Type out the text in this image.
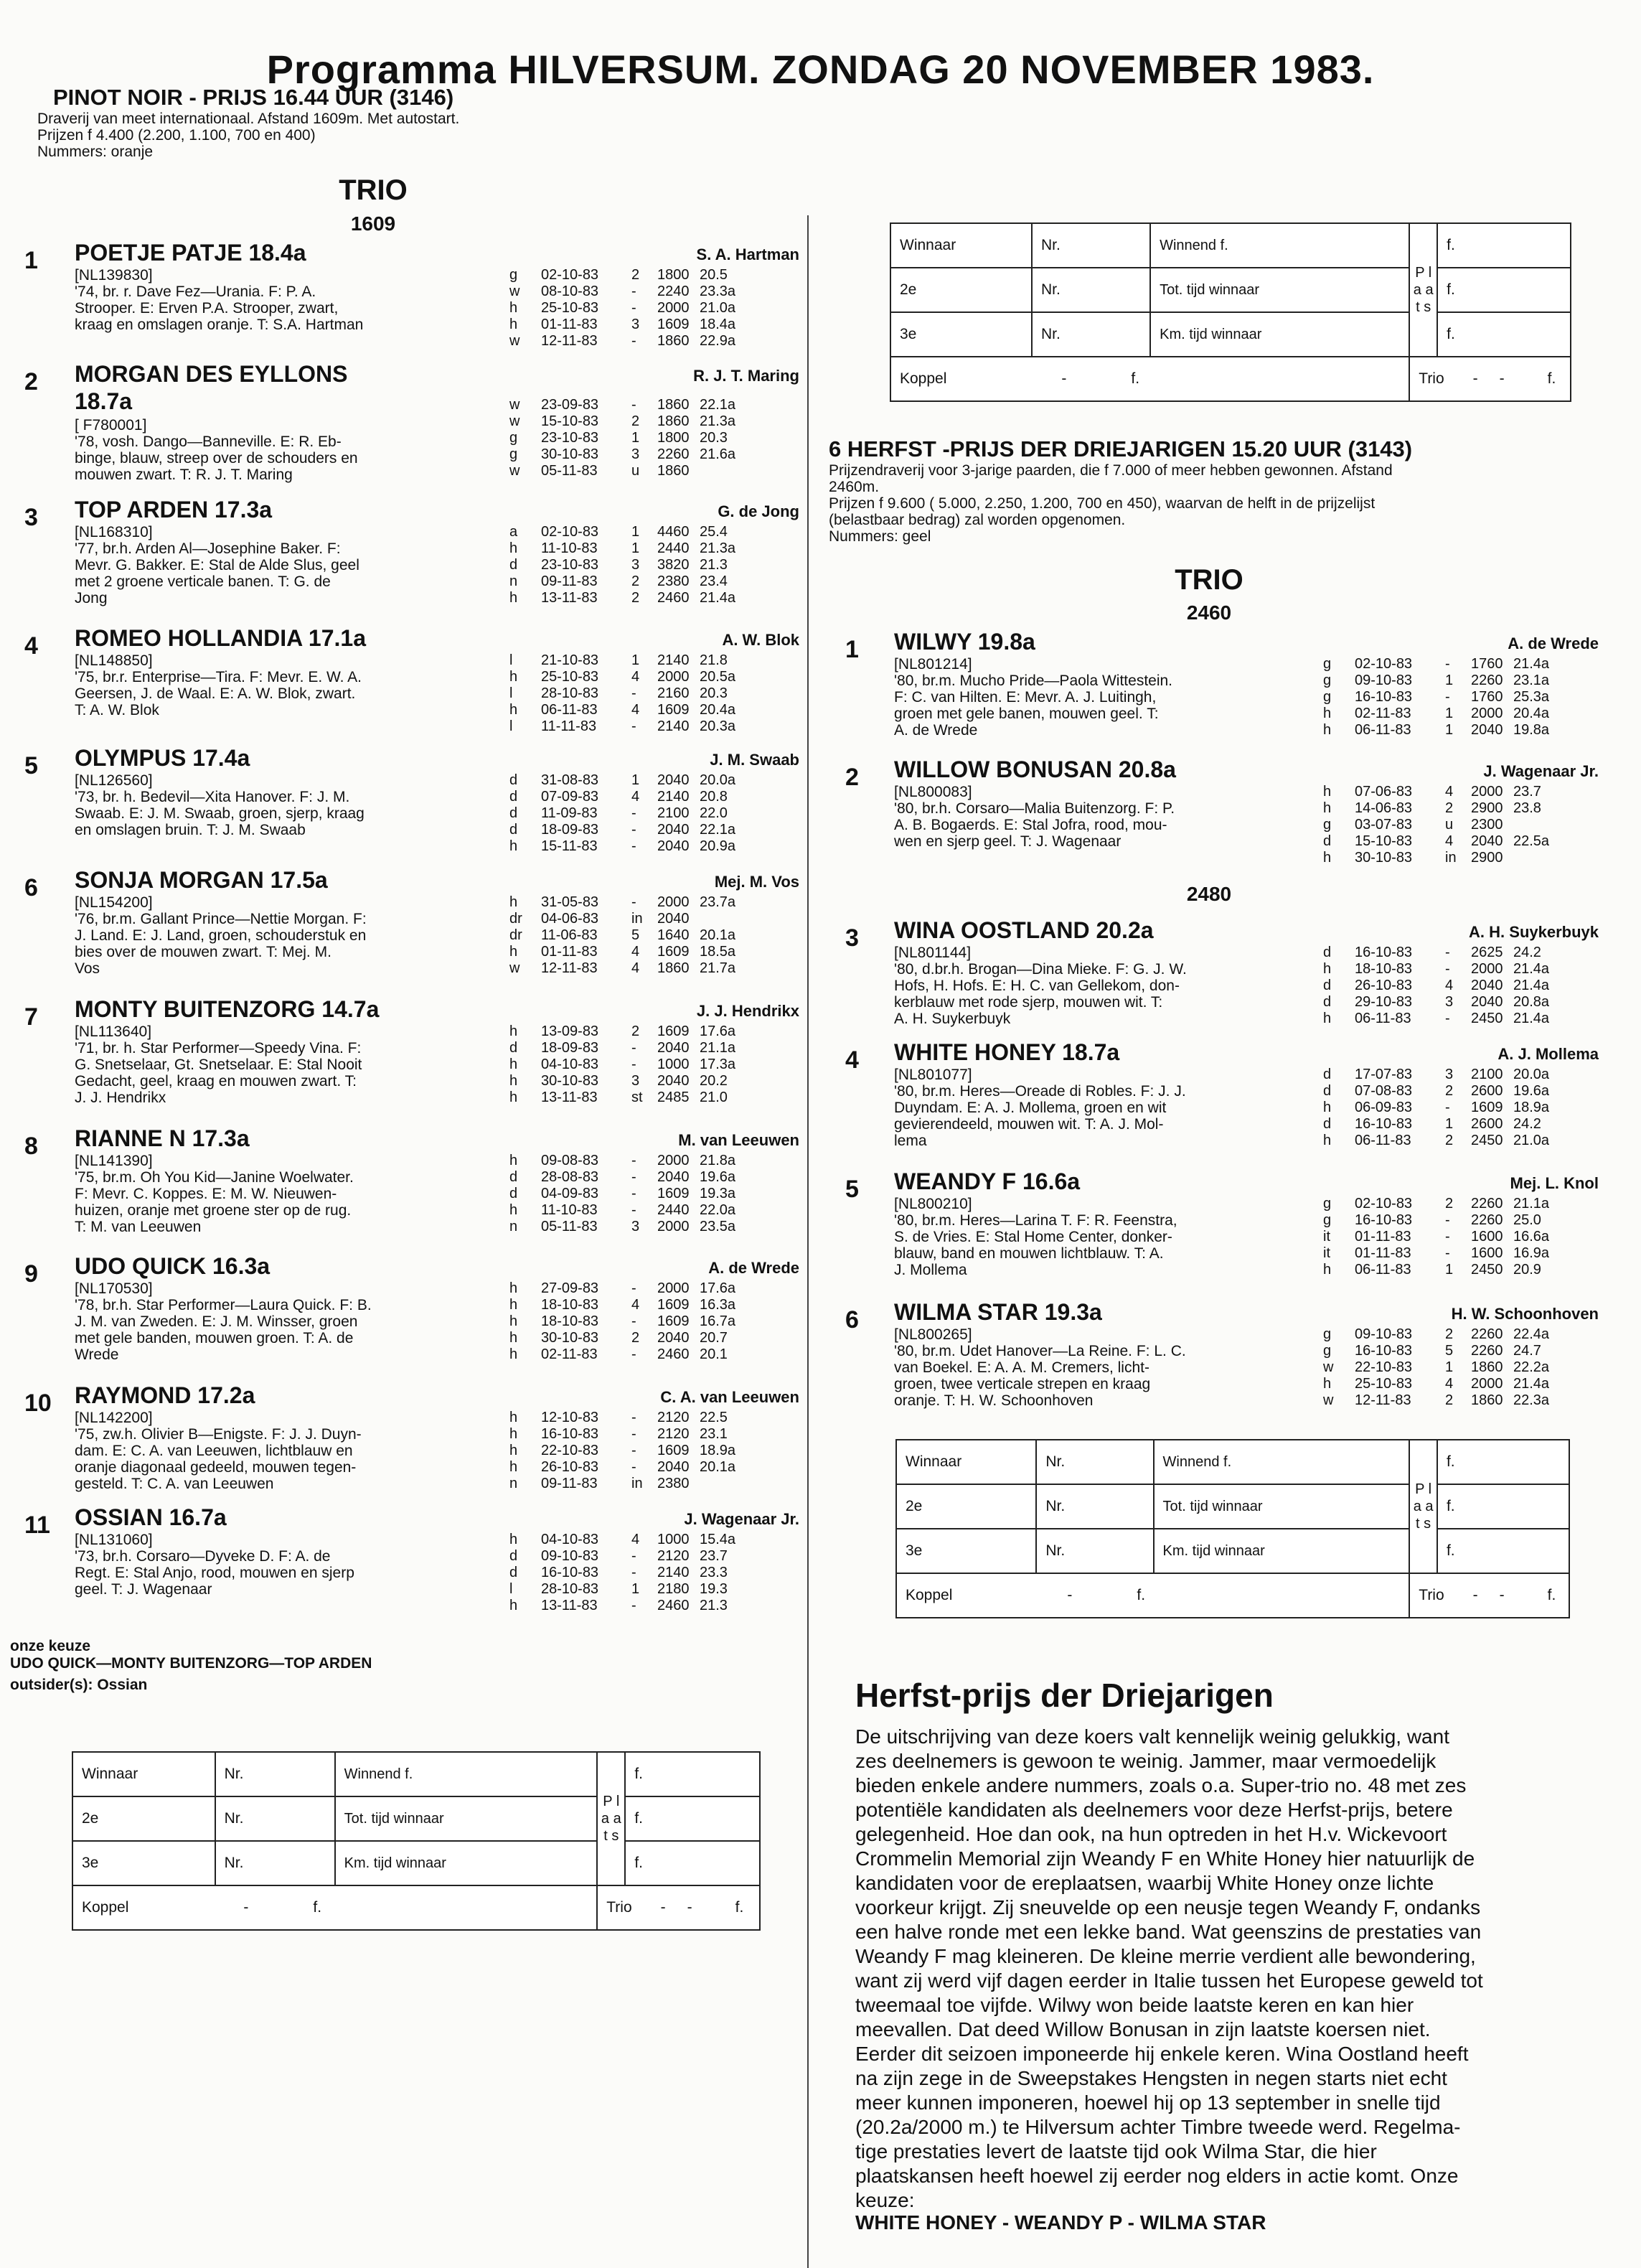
Programma HILVERSUM. ZONDAG 20 NOVEMBER 1983.
PINOT NOIR - PRIJS 16.44 UUR (3146)
Draverij van meet internationaal. Afstand 1609m. Met autostart.
Prijzen f 4.400 (2.200, 1.100, 700 en 400)
Nummers: oranje
TRIO
1609
1 POETJE PATJE 18.4a
[NL139830]
'74, br. r. Dave Fez—Urania. F: P. A.
Strooper. E: Erven P.A. Strooper, zwart,
kraag en omslagen oranje. T: S.A. Hartman
S. A. Hartman
g 02-10-83 2 1800 20.5
w 08-10-83 - 2240 23.3a
h 25-10-83 - 2000 21.0a
h 01-11-83 3 1609 18.4a
w 12-11-83 - 1860 22.9a
2 MORGAN DES EYLLONS
18.7a
[ F780001]
'78, vosh. Dango—Banneville. E: R. Eb-
binge, blauw, streep over de schouders en
mouwen zwart. T: R. J. T. Maring
R. J. T. Maring
w 23-09-83 - 1860 22.1a
w 15-10-83 2 1860 21.3a
g 23-10-83 1 1800 20.3
g 30-10-83 3 2260 21.6a
w 05-11-83 u 1860
3 TOP ARDEN 17.3a
[NL168310]
'77, br.h. Arden Al—Josephine Baker. F:
Mevr. G. Bakker. E: Stal de Alde Slus, geel
met 2 groene verticale banen. T: G. de
Jong
G. de Jong
a 02-10-83 1 4460 25.4
h 11-10-83 1 2440 21.3a
d 23-10-83 3 3820 21.3
n 09-11-83 2 2380 23.4
h 13-11-83 2 2460 21.4a
4 ROMEO HOLLANDIA 17.1a
[NL148850]
'75, br.r. Enterprise—Tira. F: Mevr. E. W. A.
Geersen, J. de Waal. E: A. W. Blok, zwart.
T: A. W. Blok
A. W. Blok
l 21-10-83 1 2140 21.8
h 25-10-83 4 2000 20.5a
l 28-10-83 - 2160 20.3
h 06-11-83 4 1609 20.4a
l 11-11-83 - 2140 20.3a
5 OLYMPUS 17.4a
[NL126560]
'73, br. h. Bedevil—Xita Hanover. F: J. M.
Swaab. E: J. M. Swaab, groen, sjerp, kraag
en omslagen bruin. T: J. M. Swaab
J. M. Swaab
d 31-08-83 1 2040 20.0a
d 07-09-83 4 2140 20.8
d 11-09-83 - 2100 22.0
d 18-09-83 - 2040 22.1a
h 15-11-83 - 2040 20.9a
6 SONJA MORGAN 17.5a
[NL154200]
'76, br.m. Gallant Prince—Nettie Morgan. F:
J. Land. E: J. Land, groen, schouderstuk en
bies over de mouwen zwart. T: Mej. M.
Vos
Mej. M. Vos
h 31-05-83 - 2000 23.7a
dr 04-06-83 in 2040
dr 11-06-83 5 1640 20.1a
h 01-11-83 4 1609 18.5a
w 12-11-83 4 1860 21.7a
7 MONTY BUITENZORG 14.7a
[NL113640]
'71, br. h. Star Performer—Speedy Vina. F:
G. Snetselaar, Gt. Snetselaar. E: Stal Nooit
Gedacht, geel, kraag en mouwen zwart. T:
J. J. Hendrikx
J. J. Hendrikx
h 13-09-83 2 1609 17.6a
d 18-09-83 - 2040 21.1a
h 04-10-83 - 1000 17.3a
h 30-10-83 3 2040 20.2
h 13-11-83 st 2485 21.0
8 RIANNE N 17.3a
[NL141390]
'75, br.m. Oh You Kid—Janine Woelwater.
F: Mevr. C. Koppes. E: M. W. Nieuwen-
huizen, oranje met groene ster op de rug.
T: M. van Leeuwen
M. van Leeuwen
h 09-08-83 - 2000 21.8a
d 28-08-83 - 2040 19.6a
d 04-09-83 - 1609 19.3a
h 11-10-83 - 2440 22.0a
n 05-11-83 3 2000 23.5a
9 UDO QUICK 16.3a
[NL170530]
'78, br.h. Star Performer—Laura Quick. F: B.
J. M. van Zweden. E: J. M. Winsser, groen
met gele banden, mouwen groen. T: A. de
Wrede
A. de Wrede
h 27-09-83 - 2000 17.6a
h 18-10-83 4 1609 16.3a
h 18-10-83 - 1609 16.7a
h 30-10-83 2 2040 20.7
h 02-11-83 - 2460 20.1
10 RAYMOND 17.2a
[NL142200]
'75, zw.h. Olivier B—Enigste. F: J. J. Duyn-
dam. E: C. A. van Leeuwen, lichtblauw en
oranje diagonaal gedeeld, mouwen tegen-
gesteld. T: C. A. van Leeuwen
C. A. van Leeuwen
h 12-10-83 - 2120 22.5
h 16-10-83 - 2120 23.1
h 22-10-83 - 1609 18.9a
h 26-10-83 - 2040 20.1a
n 09-11-83 in 2380
11 OSSIAN 16.7a
[NL131060]
'73, br.h. Corsaro—Dyveke D. F: A. de
Regt. E: Stal Anjo, rood, mouwen en sjerp
geel. T: J. Wagenaar
J. Wagenaar Jr.
h 04-10-83 4 1000 15.4a
d 09-10-83 - 2120 23.7
d 16-10-83 - 2140 23.3
l 28-10-83 1 2180 19.3
h 13-11-83 - 2460 21.3
onze keuze
UDO QUICK—MONTY BUITENZORG—TOP ARDEN
outsider(s): Ossian
6 HERFST -PRIJS DER DRIEJARIGEN 15.20 UUR (3143)
Prijzendraverij voor 3-jarige paarden, die f 7.000 of meer hebben gewonnen. Afstand
2460m.
Prijzen f 9.600 ( 5.000, 2.250, 1.200, 700 en 450), waarvan de helft in de prijzelijst
(belastbaar bedrag) zal worden opgenomen.
Nummers: geel
TRIO
2460
2480
1 WILWY 19.8a
[NL801214]
'80, br.m. Mucho Pride—Paola Wittestein.
F: C. van Hilten. E: Mevr. A. J. Luitingh,
groen met gele banen, mouwen geel. T:
A. de Wrede
A. de Wrede
g 02-10-83 - 1760 21.4a
g 09-10-83 1 2260 23.1a
g 16-10-83 - 1760 25.3a
h 02-11-83 1 2000 20.4a
h 06-11-83 1 2040 19.8a
2 WILLOW BONUSAN 20.8a
[NL800083]
'80, br.h. Corsaro—Malia Buitenzorg. F: P.
A. B. Bogaerds. E: Stal Jofra, rood, mou-
wen en sjerp geel. T: J. Wagenaar
J. Wagenaar Jr.
h 07-06-83 4 2000 23.7
h 14-06-83 2 2900 23.8
g 03-07-83 u 2300
d 15-10-83 4 2040 22.5a
h 30-10-83 in 2900
3 WINA OOSTLAND 20.2a
[NL801144]
'80, d.br.h. Brogan—Dina Mieke. F: G. J. W.
Hofs, H. Hofs. E: H. C. van Gellekom, don-
kerblauw met rode sjerp, mouwen wit. T:
A. H. Suykerbuyk
A. H. Suykerbuyk
d 16-10-83 - 2625 24.2
h 18-10-83 - 2000 21.4a
d 26-10-83 4 2040 21.4a
d 29-10-83 3 2040 20.8a
h 06-11-83 - 2450 21.4a
4 WHITE HONEY 18.7a
[NL801077]
'80, br.m. Heres—Oreade di Robles. F: J. J.
Duyndam. E: A. J. Mollema, groen en wit
gevierendeeld, mouwen wit. T: A. J. Mol-
lema
A. J. Mollema
d 17-07-83 3 2100 20.0a
d 07-08-83 2 2600 19.6a
h 06-09-83 - 1609 18.9a
d 16-10-83 1 2600 24.2
h 06-11-83 2 2450 21.0a
5 WEANDY F 16.6a
[NL800210]
'80, br.m. Heres—Larina T. F: R. Feenstra,
S. de Vries. E: Stal Home Center, donker-
blauw, band en mouwen lichtblauw. T: A.
J. Mollema
Mej. L. Knol
g 02-10-83 2 2260 21.1a
g 16-10-83 - 2260 25.0
it 01-11-83 - 1600 16.6a
it 01-11-83 - 1600 16.9a
h 06-11-83 1 2450 20.9
6 WILMA STAR 19.3a
[NL800265]
'80, br.m. Udet Hanover—La Reine. F: L. C.
van Boekel. E: A. A. M. Cremers, licht-
groen, twee verticale strepen en kraag
oranje. T: H. W. Schoonhoven
H. W. Schoonhoven
g 09-10-83 2 2260 22.4a
g 16-10-83 5 2260 24.7
w 22-10-83 1 1860 22.2a
h 25-10-83 4 2000 21.4a
w 12-11-83 2 1860 22.3a
Winnaar	Nr.	Winnend f.	P l a a t s	f.
2e	Nr.	Tot. tijd winnaar		f.
3e	Nr.	Km. tijd winnaar		f.
Koppel - f.			Trio - - f.	
Winnaar	Nr.	Winnend f.	P l a a t s	f.
2e	Nr.	Tot. tijd winnaar		f.
3e	Nr.	Km. tijd winnaar		f.
Koppel - f.			Trio - - f.	
Winnaar	Nr.	Winnend f.	P l a a t s	f.
2e	Nr.	Tot. tijd winnaar		f.
3e	Nr.	Km. tijd winnaar		f.
Koppel - f.			Trio - - f.	
Herfst-prijs der Driejarigen
De uitschrijving van deze koers valt kennelijk weinig gelukkig, want
zes deelnemers is gewoon te weinig. Jammer, maar vermoedelijk
bieden enkele andere nummers, zoals o.a. Super-trio no. 48 met zes
potentiële kandidaten als deelnemers voor deze Herfst-prijs, betere
gelegenheid. Hoe dan ook, na hun optreden in het H.v. Wickevoort
Crommelin Memorial zijn Weandy F en White Honey hier natuurlijk de
kandidaten voor de ereplaatsen, waarbij White Honey onze lichte
voorkeur krijgt. Zij sneuvelde op een neusje tegen Weandy F, ondanks
een halve ronde met een lekke band. Wat geenszins de prestaties van
Weandy F mag kleineren. De kleine merrie verdient alle bewondering,
want zij werd vijf dagen eerder in Italie tussen het Europese geweld tot
tweemaal toe vijfde. Wilwy won beide laatste keren en kan hier
meevallen. Dat deed Willow Bonusan in zijn laatste koersen niet.
Eerder dit seizoen imponeerde hij enkele keren. Wina Oostland heeft
na zijn zege in de Sweepstakes Hengsten in negen starts niet echt
meer kunnen imponeren, hoewel hij op 13 september in snelle tijd
(20.2a/2000 m.) te Hilversum achter Timbre tweede werd. Regelma-
tige prestaties levert de laatste tijd ook Wilma Star, die hier
plaatskansen heeft hoewel zij eerder nog elders in actie komt. Onze
keuze:
WHITE HONEY - WEANDY P - WILMA STAR
